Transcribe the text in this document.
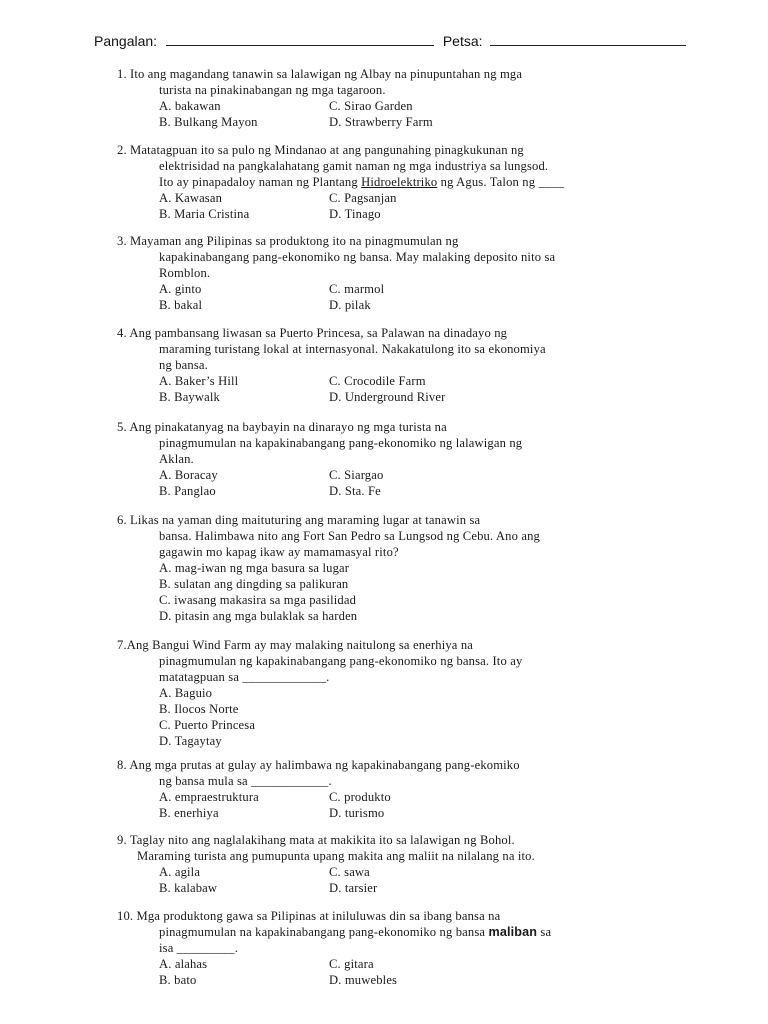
Pangalan:	Petsa:
1. Ito ang magandang tanawin sa lalawigan ng Albay na pinupuntahan ng mga
turista na pinakinabangan ng mga tagaroon.
A. bakawan	C. Sirao Garden
B. Bulkang Mayon	D. Strawberry Farm
2. Matatagpuan ito sa pulo ng Mindanao at ang pangunahing pinagkukunan ng
elektrisidad na pangkalahatang gamit naman ng mga industriya sa lungsod.
Ito ay pinapadaloy naman ng Plantang Hidroelektriko ng Agus. Talon ng ____
A. Kawasan	C. Pagsanjan
B. Maria Cristina	D. Tinago
3. Mayaman ang Pilipinas sa produktong ito na pinagmumulan ng
kapakinabangang pang-ekonomiko ng bansa. May malaking deposito nito sa
Romblon.
A. ginto	C. marmol
B. bakal	D. pilak
4. Ang pambansang liwasan sa Puerto Princesa, sa Palawan na dinadayo ng
maraming turistang lokal at internasyonal. Nakakatulong ito sa ekonomiya
ng bansa.
A. Baker’s Hill	C. Crocodile Farm
B. Baywalk	D. Underground River
5. Ang pinakatanyag na baybayin na dinarayo ng mga turista na
pinagmumulan na kapakinabangang pang-ekonomiko ng lalawigan ng
Aklan.
A. Boracay	C. Siargao
B. Panglao	D. Sta. Fe
6. Likas na yaman ding maituturing ang maraming lugar at tanawin sa
bansa. Halimbawa nito ang Fort San Pedro sa Lungsod ng Cebu. Ano ang
gagawin mo kapag ikaw ay mamamasyal rito?
A. mag-iwan ng mga basura sa lugar
B. sulatan ang dingding sa palikuran
C. iwasang makasira sa mga pasilidad
D. pitasin ang mga bulaklak sa harden
7.Ang Bangui Wind Farm ay may malaking naitulong sa enerhiya na
pinagmumulan ng kapakinabangang pang-ekonomiko ng bansa. Ito ay
matatagpuan sa _____________.
A. Baguio
B. Ilocos Norte
C. Puerto Princesa
D. Tagaytay
8. Ang mga prutas at gulay ay halimbawa ng kapakinabangang pang-ekomiko
ng bansa mula sa ____________.
A. empraestruktura	C. produkto
B. enerhiya	D. turismo
9. Taglay nito ang naglalakihang mata at makikita ito sa lalawigan ng Bohol.
Maraming turista ang pumupunta upang makita ang maliit na nilalang na ito.
A. agila	C. sawa
B. kalabaw	D. tarsier
10. Mga produktong gawa sa Pilipinas at iniluluwas din sa ibang bansa na
pinagmumulan na kapakinabangang pang-ekonomiko ng bansa maliban sa
isa _________.
A. alahas	C. gitara
B. bato	D. muwebles
